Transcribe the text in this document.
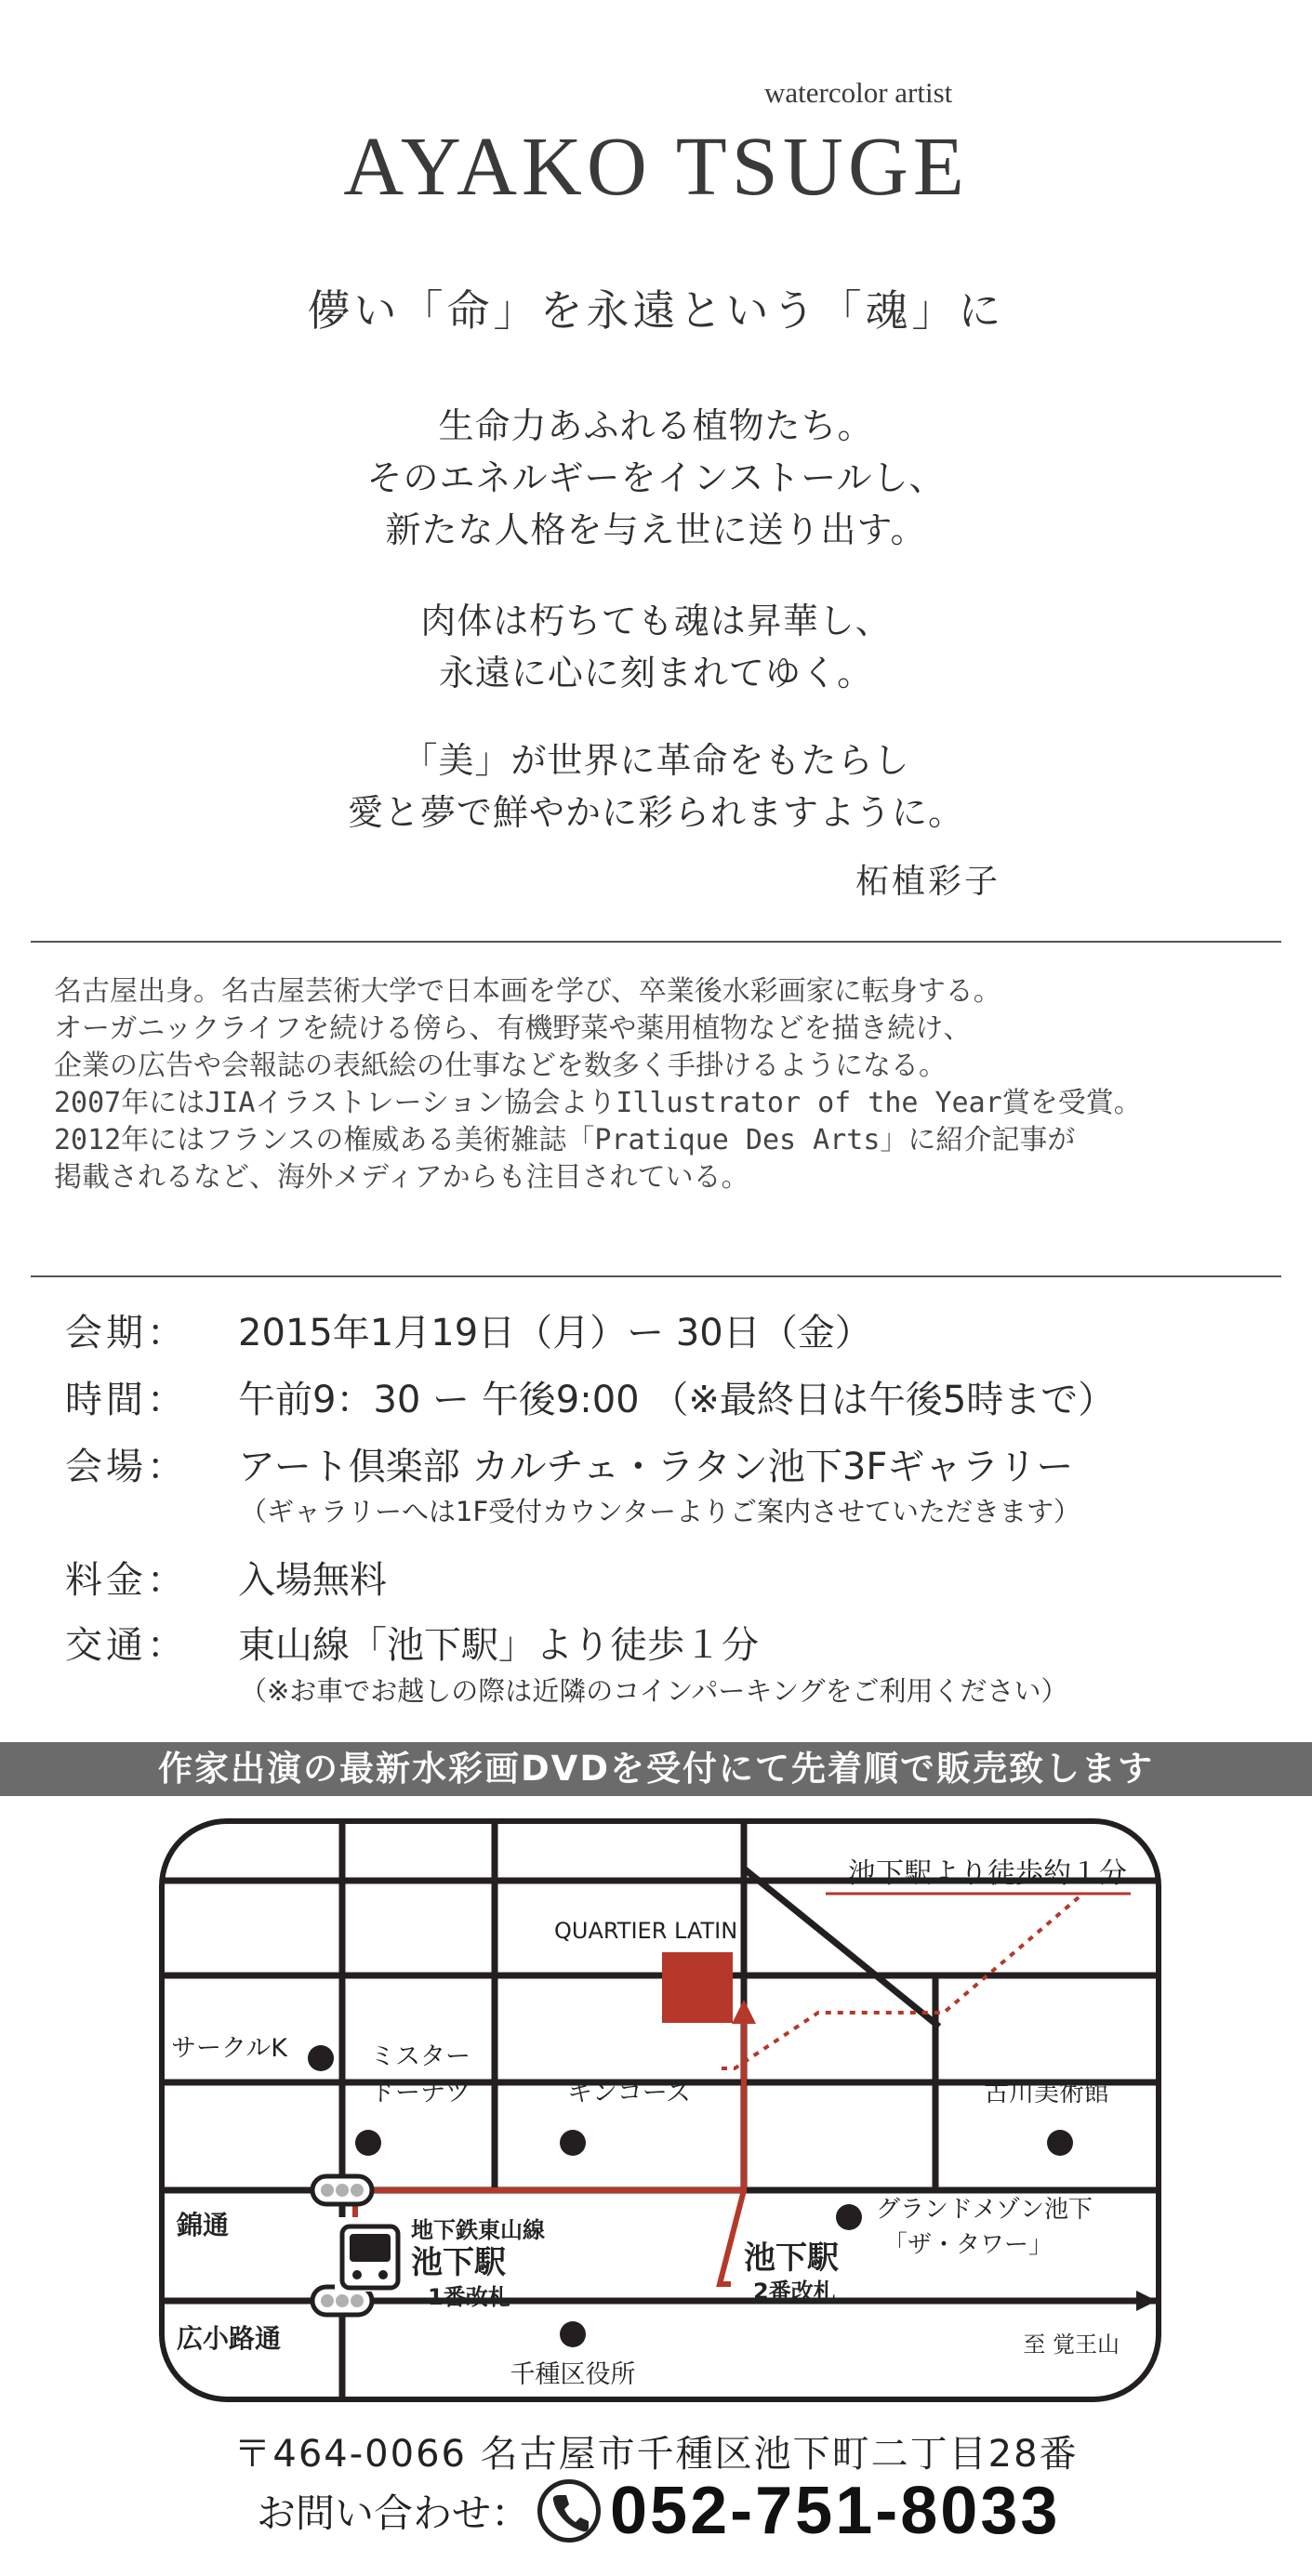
watercolor artist
AYAKO TSUGE
儚い「命」を永遠という「魂」に
生命力あふれる植物たち。
そのエネルギーをインストールし、
新たな人格を与え世に送り出す。
肉体は朽ちても魂は昇華し、
永遠に心に刻まれてゆく。
「美」が世界に革命をもたらし
愛と夢で鮮やかに彩られますように。
柘植彩子
名古屋出身。名古屋芸術大学で日本画を学び、卒業後水彩画家に転身する。
オーガニックライフを続ける傍ら、有機野菜や薬用植物などを描き続け、
企業の広告や会報誌の表紙絵の仕事などを数多く手掛けるようになる。
2007年にはJIAイラストレーション協会よりIllustrator of the Year賞を受賞。
2012年にはフランスの権威ある美術雑誌「Pratique Des Arts」に紹介記事が
掲載されるなど、海外メディアからも注目されている。
会期： 2015年1月19日（月）ー 30日（金）
時間： 午前9：30 ー 午後9:00 （※最終日は午後5時まで）
会場： アート倶楽部 カルチェ・ラタン池下3Fギャラリー
（ギャラリーへは1F受付カウンターよりご案内させていただきます）
料金： 入場無料
交通： 東山線「池下駅」より徒歩１分
（※お車でお越しの際は近隣のコインパーキングをご利用ください）
作家出演の最新水彩画DVDを受付にて先着順で販売致します
池下駅より徒歩約１分
QUARTIER LATIN
サークルK	ミスター
ドーナツ	キンコーズ	古川美術館
錦通
広小路通
地下鉄東山線
池下駅
1番改札
池下駅
2番改札
グランドメゾン池下
「ザ・タワー」
千種区役所
至 覚王山
〒464-0066 名古屋市千種区池下町二丁目28番
お問い合わせ： 052-751-8033
